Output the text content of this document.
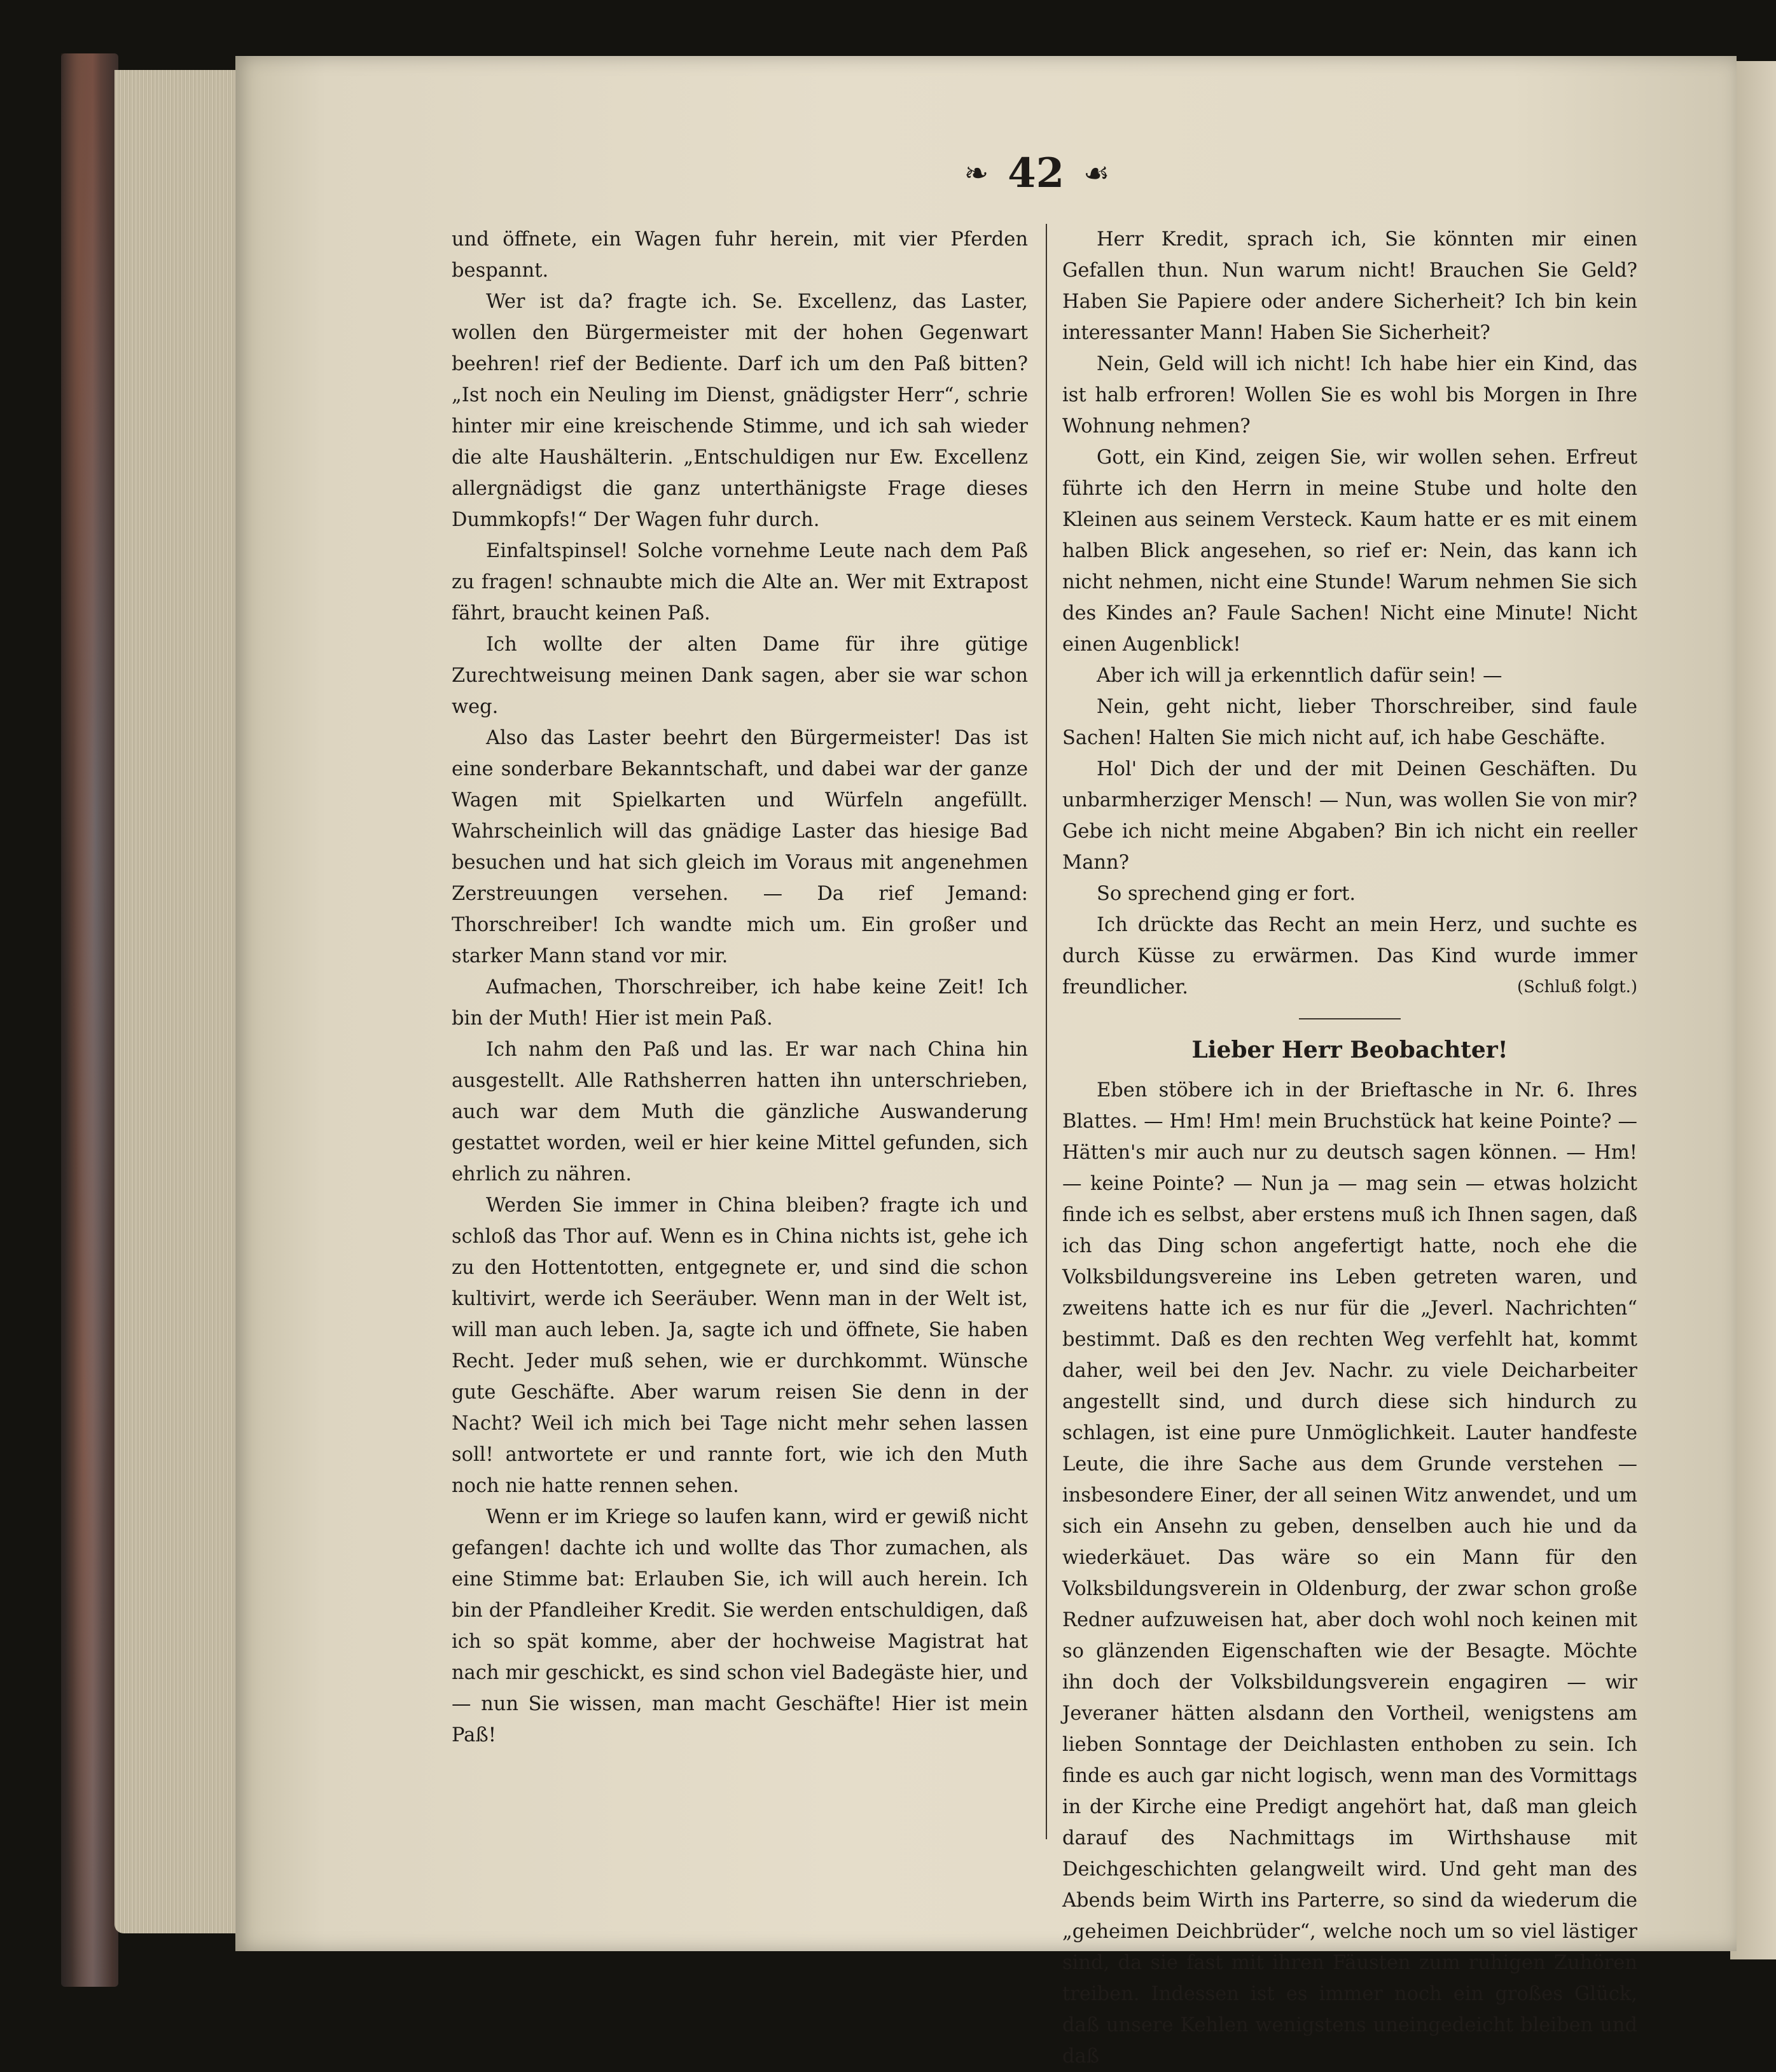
❧ 42 ☙

und öffnete, ein Wagen fuhr herein, mit vier Pferden bespannt.

Wer ist da? fragte ich. Se. Excellenz, das Laster, wollen den Bürgermeister mit der hohen Gegenwart beehren! rief der Bediente. Darf ich um den Paß bitten? „Ist noch ein Neuling im Dienst, gnädigster Herr“, schrie hinter mir eine kreischende Stimme, und ich sah wieder die alte Haushälterin. „Entschuldigen nur Ew. Excellenz allergnädigst die ganz unterthänigste Frage dieses Dummkopfs!“ Der Wagen fuhr durch.

Einfaltspinsel! Solche vornehme Leute nach dem Paß zu fragen! schnaubte mich die Alte an. Wer mit Extrapost fährt, braucht keinen Paß.

Ich wollte der alten Dame für ihre gütige Zurechtweisung meinen Dank sagen, aber sie war schon weg.

Also das Laster beehrt den Bürgermeister! Das ist eine sonderbare Bekanntschaft, und dabei war der ganze Wagen mit Spielkarten und Würfeln angefüllt. Wahrscheinlich will das gnädige Laster das hiesige Bad besuchen und hat sich gleich im Voraus mit angenehmen Zerstreuungen versehen. — Da rief Jemand: Thorschreiber! Ich wandte mich um. Ein großer und starker Mann stand vor mir.

Aufmachen, Thorschreiber, ich habe keine Zeit! Ich bin der Muth! Hier ist mein Paß.

Ich nahm den Paß und las. Er war nach China hin ausgestellt. Alle Rathsherren hatten ihn unterschrieben, auch war dem Muth die gänzliche Auswanderung gestattet worden, weil er hier keine Mittel gefunden, sich ehrlich zu nähren.

Werden Sie immer in China bleiben? fragte ich und schloß das Thor auf. Wenn es in China nichts ist, gehe ich zu den Hottentotten, entgegnete er, und sind die schon kultivirt, werde ich Seeräuber. Wenn man in der Welt ist, will man auch leben. Ja, sagte ich und öffnete, Sie haben Recht. Jeder muß sehen, wie er durchkommt. Wünsche gute Geschäfte. Aber warum reisen Sie denn in der Nacht? Weil ich mich bei Tage nicht mehr sehen lassen soll! antwortete er und rannte fort, wie ich den Muth noch nie hatte rennen sehen.

Wenn er im Kriege so laufen kann, wird er gewiß nicht gefangen! dachte ich und wollte das Thor zumachen, als eine Stimme bat: Erlauben Sie, ich will auch herein. Ich bin der Pfandleiher Kredit. Sie werden entschuldigen, daß ich so spät komme, aber der hochweise Magistrat hat nach mir geschickt, es sind schon viel Badegäste hier, und — nun Sie wissen, man macht Geschäfte! Hier ist mein Paß!

Herr Kredit, sprach ich, Sie könnten mir einen Gefallen thun. Nun warum nicht! Brauchen Sie Geld? Haben Sie Papiere oder andere Sicherheit? Ich bin kein interessanter Mann! Haben Sie Sicherheit?

Nein, Geld will ich nicht! Ich habe hier ein Kind, das ist halb erfroren! Wollen Sie es wohl bis Morgen in Ihre Wohnung nehmen?

Gott, ein Kind, zeigen Sie, wir wollen sehen. Erfreut führte ich den Herrn in meine Stube und holte den Kleinen aus seinem Versteck. Kaum hatte er es mit einem halben Blick angesehen, so rief er: Nein, das kann ich nicht nehmen, nicht eine Stunde! Warum nehmen Sie sich des Kindes an? Faule Sachen! Nicht eine Minute! Nicht einen Augenblick!

Aber ich will ja erkenntlich dafür sein! —

Nein, geht nicht, lieber Thorschreiber, sind faule Sachen! Halten Sie mich nicht auf, ich habe Geschäfte.

Hol' Dich der und der mit Deinen Geschäften. Du unbarmherziger Mensch! — Nun, was wollen Sie von mir? Gebe ich nicht meine Abgaben? Bin ich nicht ein reeller Mann?

So sprechend ging er fort.

Ich drückte das Recht an mein Herz, und suchte es durch Küsse zu erwärmen. Das Kind wurde immer freundlicher.	(Schluß folgt.)

Lieber Herr Beobachter!

Eben stöbere ich in der Brieftasche in Nr. 6. Ihres Blattes. — Hm! Hm! mein Bruchstück hat keine Pointe? — Hätten's mir auch nur zu deutsch sagen können. — Hm! — keine Pointe? — Nun ja — mag sein — etwas holzicht finde ich es selbst, aber erstens muß ich Ihnen sagen, daß ich das Ding schon angefertigt hatte, noch ehe die Volksbildungsvereine ins Leben getreten waren, und zweitens hatte ich es nur für die „Jeverl. Nachrichten“ bestimmt. Daß es den rechten Weg verfehlt hat, kommt daher, weil bei den Jev. Nachr. zu viele Deicharbeiter angestellt sind, und durch diese sich hindurch zu schlagen, ist eine pure Unmöglichkeit. Lauter handfeste Leute, die ihre Sache aus dem Grunde verstehen — insbesondere Einer, der all seinen Witz anwendet, und um sich ein Ansehn zu geben, denselben auch hie und da wiederkäuet. Das wäre so ein Mann für den Volksbildungsverein in Oldenburg, der zwar schon große Redner aufzuweisen hat, aber doch wohl noch keinen mit so glänzenden Eigenschaften wie der Besagte. Möchte ihn doch der Volksbildungsverein engagiren — wir Jeveraner hätten alsdann den Vortheil, wenigstens am lieben Sonntage der Deichlasten enthoben zu sein. Ich finde es auch gar nicht logisch, wenn man des Vormittags in der Kirche eine Predigt angehört hat, daß man gleich darauf des Nachmittags im Wirthshause mit Deichgeschichten gelangweilt wird. Und geht man des Abends beim Wirth ins Parterre, so sind da wiederum die „geheimen Deichbrüder“, welche noch um so viel lästiger sind, da sie fast mit ihren Fäusten zum ruhigen Zuhören treiben. Indessen ist es immer noch ein großes Glück, daß unsere Kehlen wenigstens uneingedeicht bleiben und daß
